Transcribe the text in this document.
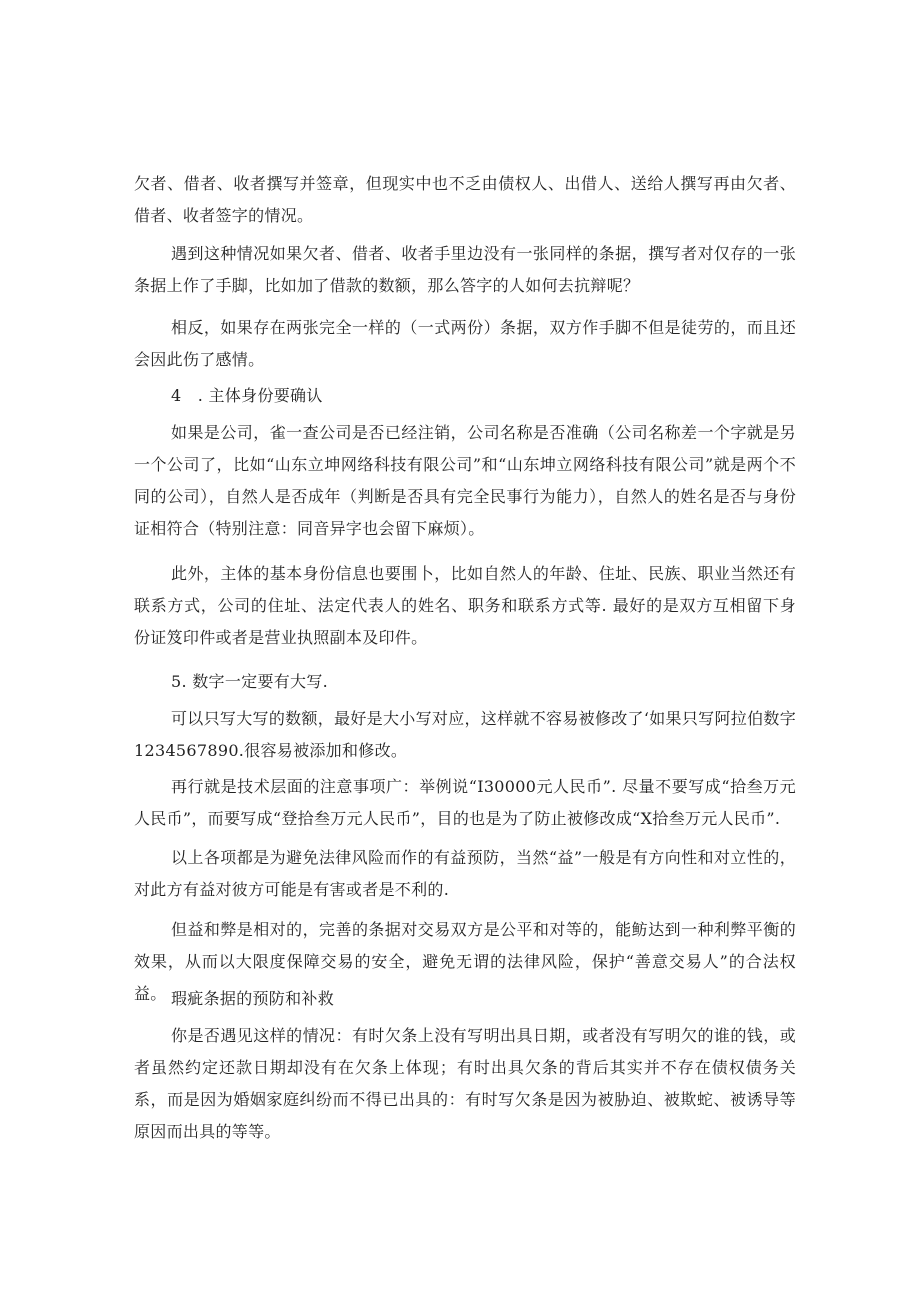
欠者、借者、收者撰写并签章，但现实中也不乏由债权人、出借人、送给人撰写再由欠者、借者、收者签字的情况。

遇到这种情况如果欠者、借者、收者手里边没有一张同样的条据，撰写者对仅存的一张条据上作了手脚，比如加了借款的数额，那么答字的人如何去抗辩呢？

相反，如果存在两张完全一样的（一式两份）条据，双方作手脚不但是徒劳的，而且还会因此伤了感情。

4　. 主体身份要确认

如果是公司，雀一查公司是否已经注销，公司名称是否准确（公司名称差一个字就是另一个公司了，比如“山东立坤网络科技有限公司”和“山东坤立网络科技有限公司”就是两个不同的公司），自然人是否成年（判断是否具有完全民事行为能力），自然人的姓名是否与身份证相符合（特别注意：同音异字也会留下麻烦）。

此外，主体的基本身份信息也要围卜，比如自然人的年龄、住址、民族、职业当然还有联系方式，公司的住址、法定代表人的姓名、职务和联系方式等. 最好的是双方互相留下身份证笈印件或者是营业执照副本及印件。

5. 数字一定要有大写.

可以只写大写的数额，最好是大小写对应，这样就不容易被修改了‘如果只写阿拉伯数字1234567890.很容易被添加和修改。

再行就是技术层面的注意事项广：举例说“I30000元人民币”. 尽量不要写成“拾叁万元人民币”，而要写成“登拾叁万元人民币”，目的也是为了防止被修改成“X拾叁万元人民币”.

以上各项都是为避免法律风险而作的有益预防，当然“益”一般是有方向性和对立性的，对此方有益对彼方可能是有害或者是不利的.

但益和弊是相对的，完善的条据对交易双方是公平和对等的，能鲂达到一种利弊平衡的效果，从而以大限度保障交易的安全，避免无谓的法律风险，保护“善意交易人”的合法权益。 瑕疵条据的预防和补救

你是否遇见这样的情况：有时欠条上没有写明出具日期，或者没有写明欠的谁的钱，或者虽然约定还款日期却没有在欠条上体现；有时出具欠条的背后其实并不存在债权债务关系，而是因为婚姻家庭纠纷而不得已出具的：有时写欠条是因为被胁迫、被欺蛇、被诱导等原因而出具的等等。
